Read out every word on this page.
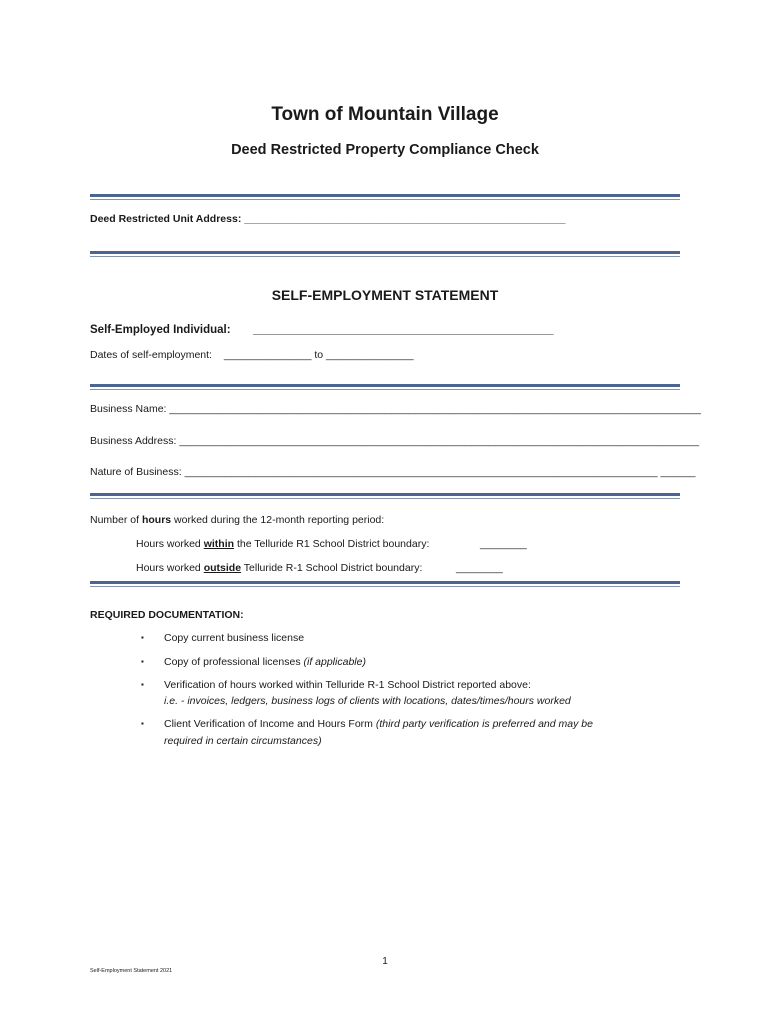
Town of Mountain Village
Deed Restricted Property Compliance Check
Deed Restricted Unit Address: _______________________________________________________
SELF-EMPLOYMENT STATEMENT
Self-Employed Individual: _______________________________________________
Dates of self-employment: _______________ to _______________
Business Name: ___________________________________________________________________________________________
Business Address: _________________________________________________________________________________________
Nature of Business: _________________________________________________________________________________ ______
Number of hours worked during the 12-month reporting period:
Hours worked within the Telluride R1 School District boundary:	________
Hours worked outside Telluride R-1 School District boundary:	________
REQUIRED DOCUMENTATION:
▪ Copy current business license
▪ Copy of professional licenses (if applicable)
▪ Verification of hours worked within Telluride R-1 School District reported above:
i.e. - invoices, ledgers, business logs of clients with locations, dates/times/hours worked
▪ Client Verification of Income and Hours Form (third party verification is preferred and may be
required in certain circumstances)
1
Self-Employment Statement 2021
